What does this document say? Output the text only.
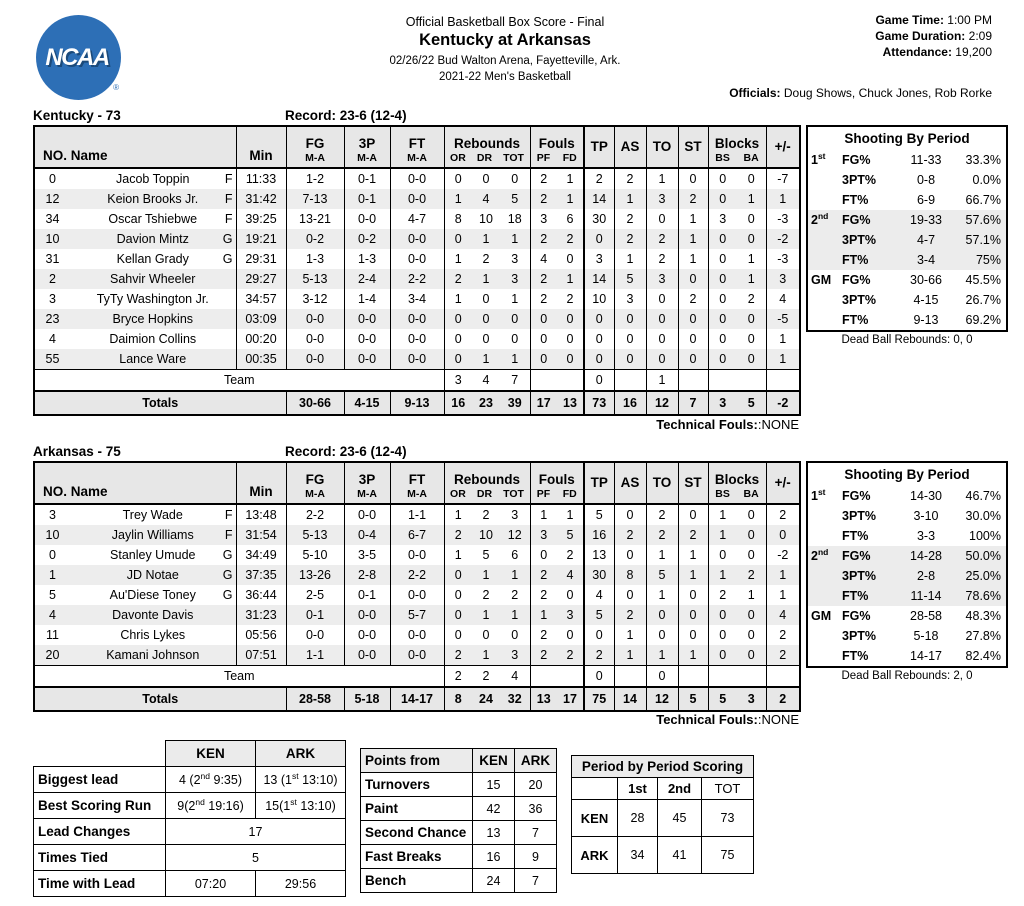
NCAA
®
Official Basketball Box Score - Final
Kentucky at Arkansas
02/26/22 Bud Walton Arena, Fayetteville, Ark.
2021-22 Men's Basketball
Game Time: 1:00 PM
Game Duration: 2:09
Attendance: 19,200
Officials: Doug Shows, Chuck Jones, Rob Rorke
Kentucky - 73	Record: 23-6 (12-4)
NO. Name	Min

FG
M-A

3P
M-A

FT
M-A

Rebounds
OR DR TOT

Fouls
PF FD

TP	AS	TO	ST	Blocks
BS BA

+/-

0	Jacob Toppin F	11:33	1-2	0-1	0-0	0	0	0	2	1	2	2	1	0	0	0	-7
12	Keion Brooks Jr. F	31:42	7-13	0-1	0-0	1	4	5	2	1	14	1	3	2	0	1	1
34	Oscar Tshiebwe F	39:25	13-21	0-0	4-7	8	10	18	3	6	30	2	0	1	3	0	-3
10	Davion Mintz G	19:21	0-2	0-2	0-0	0	1	1	2	2	0	2	2	1	0	0	-2
31	Kellan Grady G	29:31	1-3	1-3	0-0	1	2	3	4	0	3	1	2	1	0	1	-3
2	Sahvir Wheeler	29:27	5-13	2-4	2-2	2	1	3	2	1	14	5	3	0	0	1	3
3	TyTy Washington Jr.	34:57	3-12	1-4	3-4	1	0	1	2	2	10	3	0	2	0	2	4
23	Bryce Hopkins	03:09	0-0	0-0	0-0	0	0	0	0	0	0	0	0	0	0	0	-5
4	Daimion Collins	00:20	0-0	0-0	0-0	0	0	0	0	0	0	0	0	0	0	0	1
55	Lance Ware	00:35	0-0	0-0	0-0	0	1	1	0	0	0	0	0	0	0	0	1
Team						3	4	7			0		1				
Totals			30-66	4-15	9-13	16	23	39	17	13	73	16	12	7	3	5	-2
Shooting By Period
1st	FG%	11-33	33.3%
3PT%	0-8	0.0%
FT%	6-9	66.7%
2nd	FG%	19-33	57.6%
3PT%	4-7	57.1%
FT%	3-4	75%
GM FG%	30-66	45.5%
3PT%	4-15	26.7%
FT%	9-13	69.2%
Dead Ball Rebounds: 0, 0
Technical Fouls::NONE
Arkansas - 75	Record: 23-6 (12-4)
NO. Name	Min

FG
M-A

3P
M-A

FT
M-A

Rebounds
OR DR TOT

Fouls
PF FD

TP	AS	TO	ST	Blocks
BS BA

+/-

3	Trey Wade F	13:48	2-2	0-0	1-1	1	2	3	1	1	5	0	2	0	1	0	2
10	Jaylin Williams F	31:54	5-13	0-4	6-7	2	10	12	3	5	16	2	2	2	1	0	0
0	Stanley Umude G	34:49	5-10	3-5	0-0	1	5	6	0	2	13	0	1	1	0	0	-2
1	JD Notae G	37:35	13-26	2-8	2-2	0	1	1	2	4	30	8	5	1	1	2	1
5	Au'Diese Toney G	36:44	2-5	0-1	0-0	0	2	2	2	0	4	0	1	0	2	1	1
4	Davonte Davis	31:23	0-1	0-0	5-7	0	1	1	1	3	5	2	0	0	0	0	4
11	Chris Lykes	05:56	0-0	0-0	0-0	0	0	0	2	0	0	1	0	0	0	0	2
20	Kamani Johnson	07:51	1-1	0-0	0-0	2	1	3	2	2	2	1	1	1	0	0	2
Team						2	2	4			0		0				
Totals			28-58	5-18	14-17	8	24	32	13	17	75	14	12	5	5	3	2
Shooting By Period
1st	FG%	14-30	46.7%
3PT%	3-10	30.0%
FT%	3-3	100%
2nd	FG%	14-28	50.0%
3PT%	2-8	25.0%
FT%	11-14	78.6%
GM FG%	28-58	48.3%
3PT%	5-18	27.8%
FT%	14-17	82.4%
Dead Ball Rebounds: 2, 0
Technical Fouls::NONE
	KEN	ARK
Biggest lead	4 (2nd 9:35)	13 (1st 13:10)
Best Scoring Run	9(2nd 19:16)	15(1st 13:10)
Lead Changes	17	
Times Tied	5	
Time with Lead	07:20	29:56
Points from	KEN	ARK
Turnovers	15	20
Paint	42	36
Second Chance	13	7
Fast Breaks	16	9
Bench	24	7
Period by Period Scoring			
	1st	2nd	TOT
KEN	28	45	73
ARK	34	41	75
